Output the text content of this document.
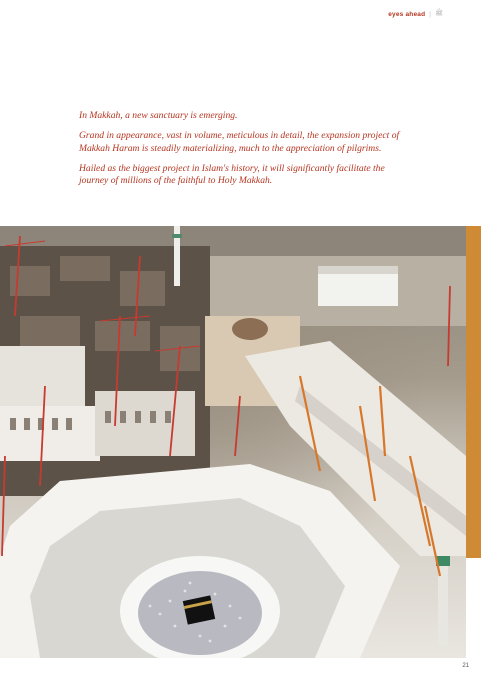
eyes ahead | ﷺ

In Makkah, a new sanctuary is emerging.

Grand in appearance, vast in volume, meticulous in detail, the expansion project of Makkah Haram is steadily materializing, much to the appreciation of pilgrims.

Hailed as the biggest project in Islam's history, it will significantly facilitate the journey of millions of the faithful to Holy Makkah.

21
